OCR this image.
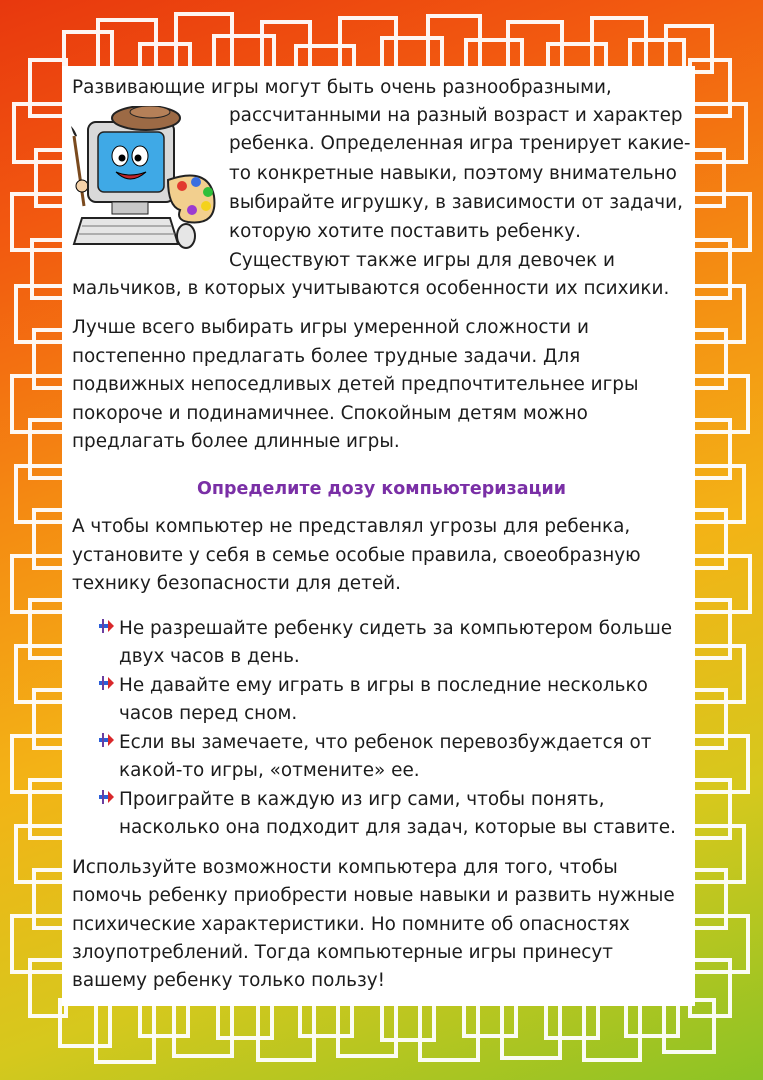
Развивающие игры могут быть очень разнообразными,
рассчитанными на разный возраст и характер
ребенка. Определенная игра тренирует какие-
то конкретные навыки, поэтому внимательно
выбирайте игрушку, в зависимости от задачи,
которую хотите поставить ребенку.
Существуют также игры для девочек и
мальчиков, в которых учитываются особенности их психики.
Лучше всего выбирать игры умеренной сложности и
постепенно предлагать более трудные задачи. Для
подвижных непоседливых детей предпочтительнее игры
покороче и подинамичнее. Спокойным детям можно
предлагать более длинные игры.
Определите дозу компьютеризации
А чтобы компьютер не представлял угрозы для ребенка,
установите у себя в семье особые правила, своеобразную
технику безопасности для детей.
Не разрешайте ребенку сидеть за компьютером больше
двух часов в день.
Не давайте ему играть в игры в последние несколько
часов перед сном.
Если вы замечаете, что ребенок перевозбуждается от
какой-то игры, «отмените» ее.
Проиграйте в каждую из игр сами, чтобы понять,
насколько она подходит для задач, которые вы ставите.
Используйте возможности компьютера для того, чтобы
помочь ребенку приобрести новые навыки и развить нужные
психические характеристики. Но помните об опасностях
злоупотреблений. Тогда компьютерные игры принесут
вашему ребенку только пользу!
